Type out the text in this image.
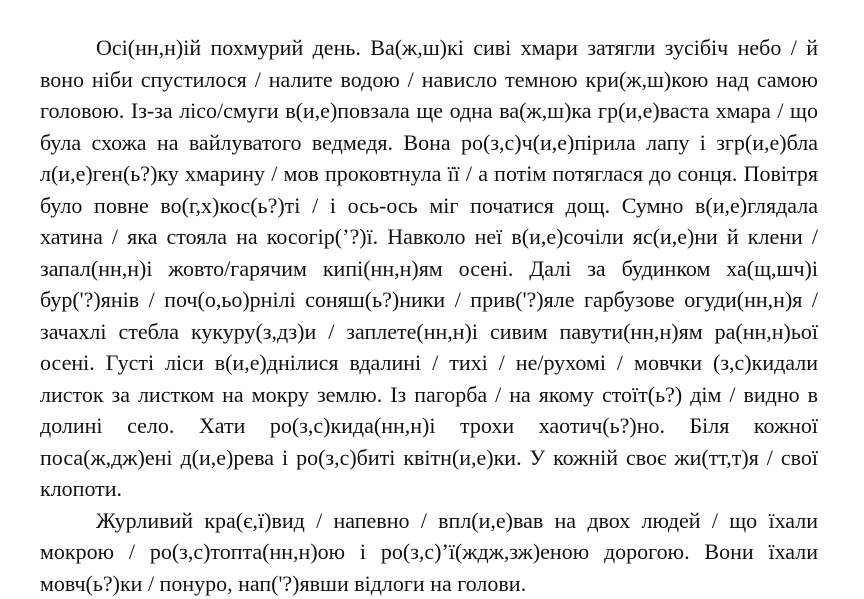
Осі(нн,н)ій похмурий день. Ва(ж,ш)кі сиві хмари затягли зусібіч небо / й воно ніби спустилося / налите водою / нависло темною кри(ж,ш)кою над самою головою. Із-за лісо/смуги в(и,е)повзала ще одна ва(ж,ш)ка гр(и,е)васта хмара / що була схожа на вайлуватого ведмедя. Вона ро(з,с)ч(и,е)пірила лапу і згр(и,е)бла л(и,е)ген(ь?)ку хмарину / мов проковтнула її / а потім потяглася до сонця. Повітря було повне во(г,х)кос(ь?)ті / і ось-ось міг початися дощ. Сумно в(и,е)глядала хатина / яка стояла на косогір(’?)ї. Навколо неї в(и,е)сочіли яс(и,е)ни й клени / запал(нн,н)і жовто/гарячим кипі(нн,н)ям осені. Далі за будинком ха(щ,шч)і бур('?)янів / поч(о,ьо)рнілі соняш(ь?)ники / прив('?)яле гарбузове огуди(нн,н)я / зачахлі стебла кукуру(з,дз)и / заплете(нн,н)і сивим павути(нн,н)ям ра(нн,н)ьої осені. Густі ліси в(и,е)днілися вдалині / тихі / не/рухомі / мовчки (з,с)кидали листок за листком на мокру землю. Із пагорба / на якому стоїт(ь?) дім / видно в долині село. Хати ро(з,с)кида(нн,н)і трохи хаотич(ь?)но. Біля кожної поса(ж,дж)ені д(и,е)рева і ро(з,с)биті квітн(и,е)ки. У кожній своє жи(тт,т)я / свої клопоти.

Журливий кра(є,ї)вид / напевно / впл(и,е)вав на двох людей / що їхали мокрою / ро(з,с)топта(нн,н)ою і ро(з,с)’ї(ждж,зж)еною дорогою. Вони їхали мовч(ь?)ки / понуро, нап('?)явши відлоги на голови.
